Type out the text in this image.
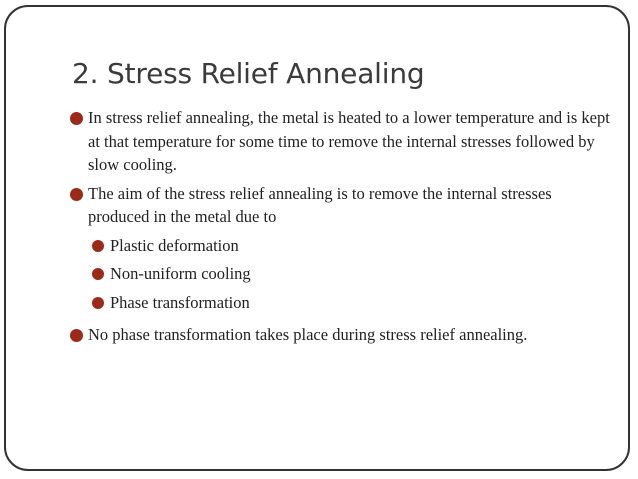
2. Stress Relief Annealing
In stress relief annealing, the metal is heated to a lower temperature and is kept at that temperature for some time to remove the internal stresses followed by slow cooling.
The aim of the stress relief annealing is to remove the internal stresses produced in the metal due to
Plastic deformation
Non-uniform cooling
Phase transformation
No phase transformation takes place during stress relief annealing.
